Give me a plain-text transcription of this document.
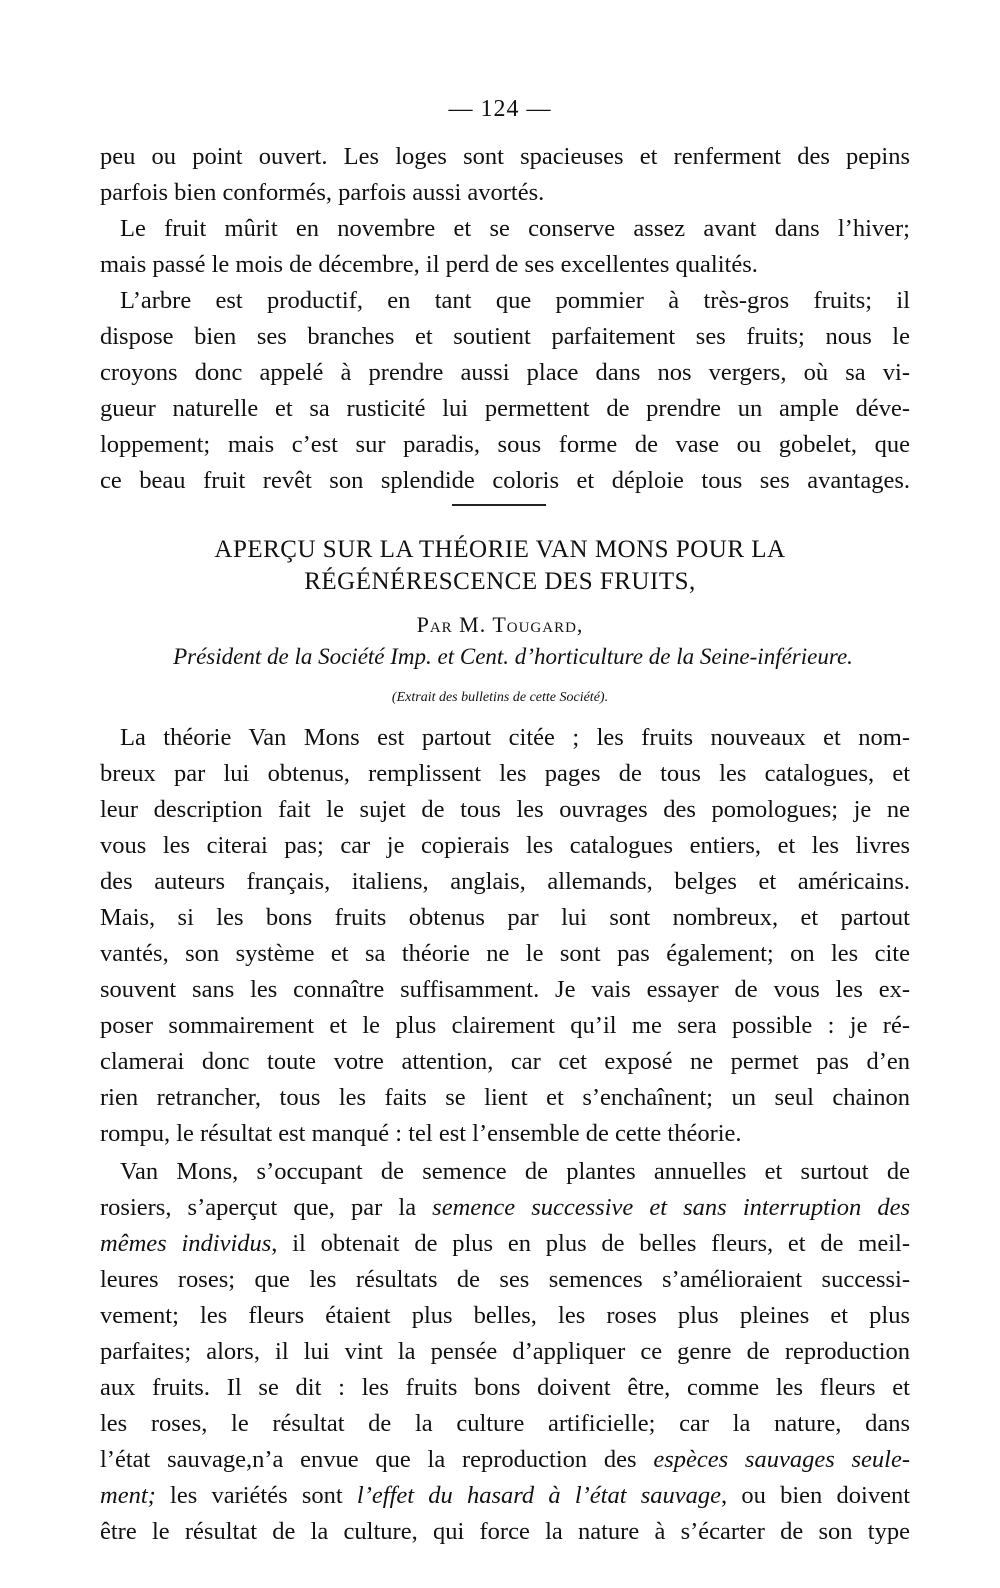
— 124 —
peu ou point ouvert. Les loges sont spacieuses et renferment des pepins
parfois bien conformés, parfois aussi avortés.
Le fruit mûrit en novembre et se conserve assez avant dans l’hiver;
mais passé le mois de décembre, il perd de ses excellentes qualités.
L’arbre est productif, en tant que pommier à très-gros fruits; il
dispose bien ses branches et soutient parfaitement ses fruits; nous le
croyons donc appelé à prendre aussi place dans nos vergers, où sa vi-
gueur naturelle et sa rusticité lui permettent de prendre un ample déve-
loppement; mais c’est sur paradis, sous forme de vase ou gobelet, que
ce beau fruit revêt son splendide coloris et déploie tous ses avantages.
APERÇU SUR LA THÉORIE VAN MONS POUR LA
RÉGÉNÉRESCENCE DES FRUITS,
Par M. Tougard,
Président de la Société Imp. et Cent. d’horticulture de la Seine-inférieure.
(Extrait des bulletins de cette Société).
La théorie Van Mons est partout citée ; les fruits nouveaux et nom-
breux par lui obtenus, remplissent les pages de tous les catalogues, et
leur description fait le sujet de tous les ouvrages des pomologues; je ne
vous les citerai pas; car je copierais les catalogues entiers, et les livres
des auteurs français, italiens, anglais, allemands, belges et américains.
Mais, si les bons fruits obtenus par lui sont nombreux, et partout
vantés, son système et sa théorie ne le sont pas également; on les cite
souvent sans les connaître suffisamment. Je vais essayer de vous les ex-
poser sommairement et le plus clairement qu’il me sera possible : je ré-
clamerai donc toute votre attention, car cet exposé ne permet pas d’en
rien retrancher, tous les faits se lient et s’enchaînent; un seul chainon
rompu, le résultat est manqué : tel est l’ensemble de cette théorie.
Van Mons, s’occupant de semence de plantes annuelles et surtout de
rosiers, s’aperçut que, par la semence successive et sans interruption des
mêmes individus, il obtenait de plus en plus de belles fleurs, et de meil-
leures roses; que les résultats de ses semences s’amélioraient successi-
vement; les fleurs étaient plus belles, les roses plus pleines et plus
parfaites; alors, il lui vint la pensée d’appliquer ce genre de reproduction
aux fruits. Il se dit : les fruits bons doivent être, comme les fleurs et
les roses, le résultat de la culture artificielle; car la nature, dans
l’état sauvage,n’a envue que la reproduction des espèces sauvages seule-
ment; les variétés sont l’effet du hasard à l’état sauvage, ou bien doivent
être le résultat de la culture, qui force la nature à s’écarter de son type
